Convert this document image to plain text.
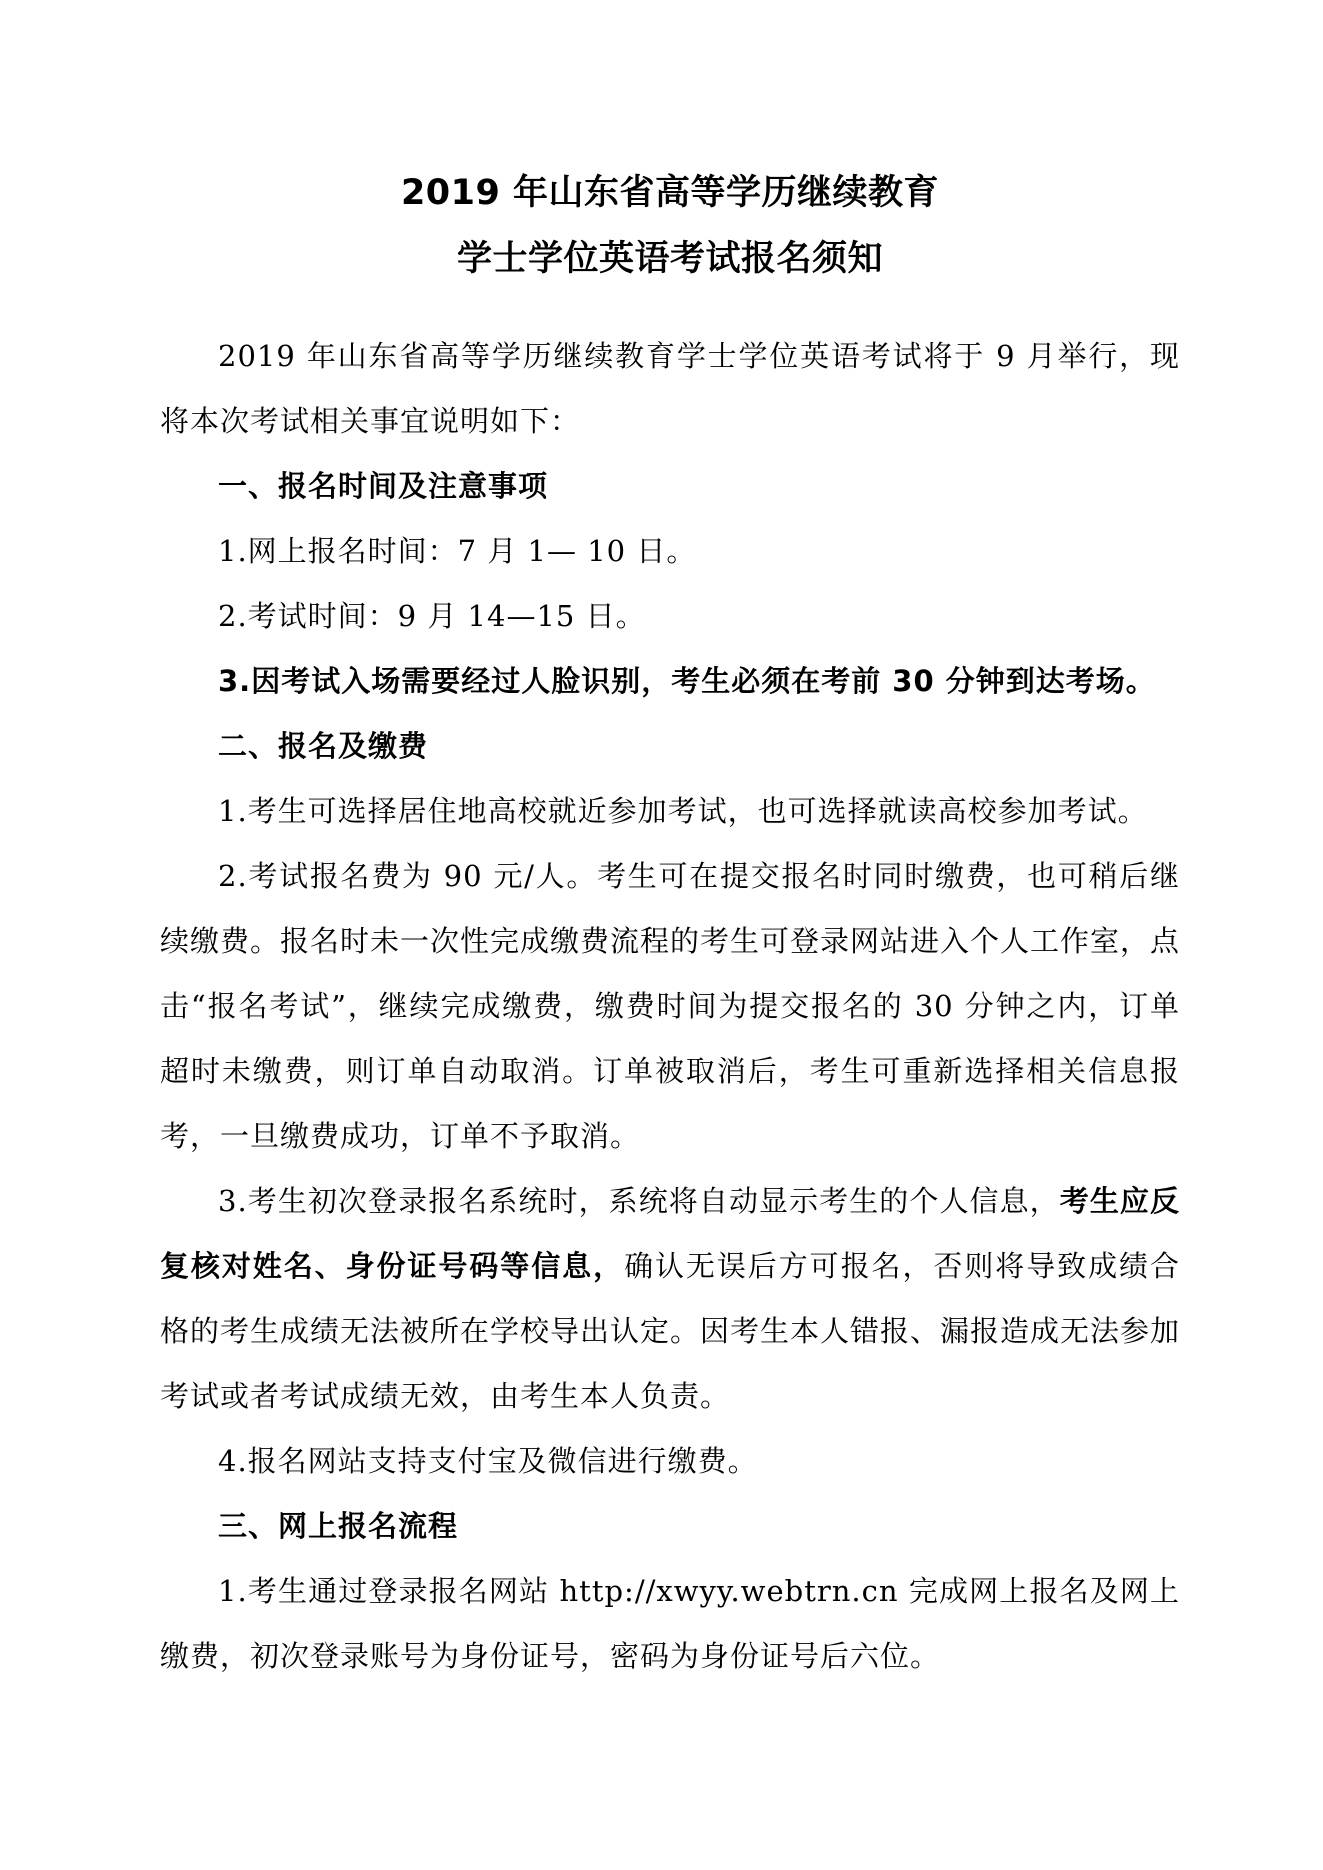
2019 年山东省高等学历继续教育
学士学位英语考试报名须知

2019 年山东省高等学历继续教育学士学位英语考试将于 9 月举行，现将本次考试相关事宜说明如下：

一、报名时间及注意事项

1.网上报名时间：7 月 1— 10 日。

2.考试时间：9 月 14—15 日。

3.因考试入场需要经过人脸识别，考生必须在考前 30 分钟到达考场。

二、报名及缴费

1.考生可选择居住地高校就近参加考试，也可选择就读高校参加考试。

2.考试报名费为 90 元/人。考生可在提交报名时同时缴费，也可稍后继续缴费。报名时未一次性完成缴费流程的考生可登录网站进入个人工作室，点击“报名考试”，继续完成缴费，缴费时间为提交报名的 30 分钟之内，订单超时未缴费，则订单自动取消。订单被取消后，考生可重新选择相关信息报考，一旦缴费成功，订单不予取消。

3.考生初次登录报名系统时，系统将自动显示考生的个人信息，考生应反复核对姓名、身份证号码等信息，确认无误后方可报名，否则将导致成绩合格的考生成绩无法被所在学校导出认定。因考生本人错报、漏报造成无法参加考试或者考试成绩无效，由考生本人负责。

4.报名网站支持支付宝及微信进行缴费。

三、网上报名流程

1.考生通过登录报名网站 http://xwyy.webtrn.cn 完成网上报名及网上缴费，初次登录账号为身份证号，密码为身份证号后六位。
